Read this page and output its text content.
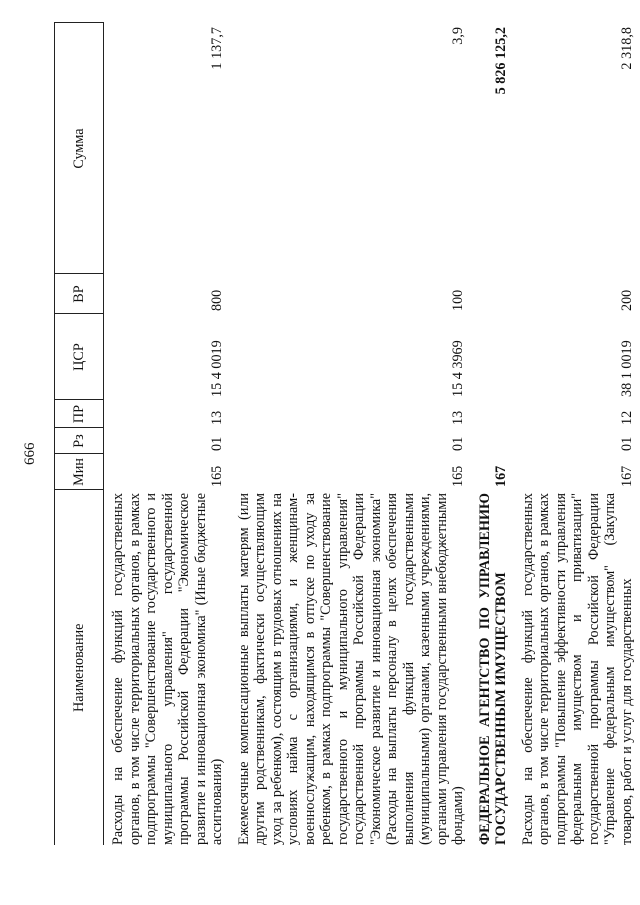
666
Наименование	Мин	Рз	ПР	ЦСР	ВР	Сумма
Расходы на обеспечение функций государственных органов, в том числе территориальных органов, в рамках подпрограммы "Совершенствование государственного и муниципального управления" государственной программы Российской Федерации "Экономическое развитие и инновационная экономика" (Иные бюджетные ассигнования)	165	01	13	15 4 0019	800	1 137,7
Ежемесячные компенсационные выплаты матерям (или другим родственникам, фактически осуществляющим уход за ребенком), состоящим в трудовых отношениях на условиях найма с организациями, и женщинам-военнослужащим, находящимся в отпуске по уходу за ребенком, в рамках подпрограммы "Совершенствование государственного и муниципального управления" государственной программы Российской Федерации "Экономическое развитие и инновационная экономика" (Расходы на выплаты персоналу в целях обеспечения выполнения функций государственными (муниципальными) органами, казенными учреждениями, органами управления государственными внебюджетными фондами)	165	01	13	15 4 3969	100	3,9
ФЕДЕРАЛЬНОЕ АГЕНТСТВО ПО УПРАВЛЕНИЮ ГОСУДАРСТВЕННЫМ ИМУЩЕСТВОМ	167					5 826 125,2
Расходы на обеспечение функций государственных органов, в том числе территориальных органов, в рамках подпрограммы "Повышение эффективности управления федеральным имуществом и приватизации" государственной программы Российской Федерации "Управление федеральным имуществом" (Закупка товаров, работ и услуг для государственных	167	01	12	38 1 0019	200	2 318,8
